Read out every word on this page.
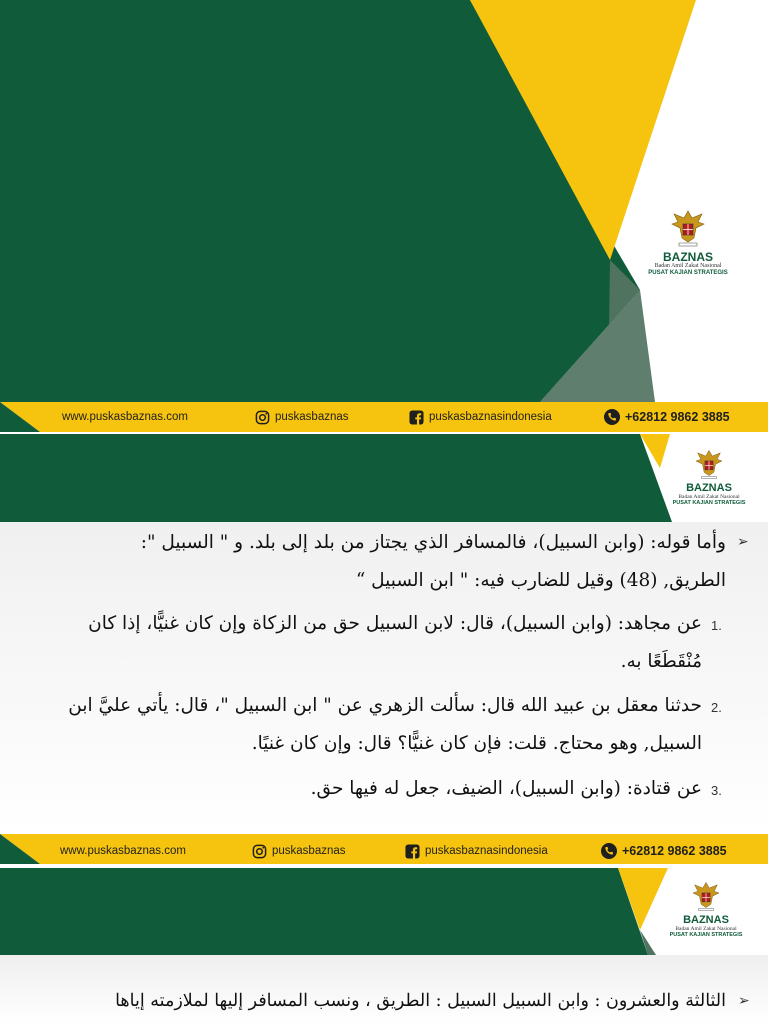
BAZNAS
Badan Amil Zakat Nasional
PUSAT KAJIAN STRATEGIS
www.puskasbaznas.com	puskasbaznas	puskasbaznasindonesia	+62812 9862 3885
BAZNAS
Badan Amil Zakat Nasional
PUSAT KAJIAN STRATEGIS
➢
وأما قوله: (وابن السبيل)، فالمسافر الذي يجتاز من بلد إلى بلد. و " السبيل ":
الطريق, (48) وقيل للضارب فيه: " ابن السبيل “
1.
عن مجاهد: (وابن السبيل)، قال: لابن السبيل حق من الزكاة وإن كان غنيًّا، إذا كان
مُنْقَطَعًا به.
2.
حدثنا معقل بن عبيد الله قال: سألت الزهري عن " ابن السبيل "، قال: يأتي عليَّ ابن
السبيل, وهو محتاج. قلت: فإن كان غنيًّا؟ قال: وإن كان غنيًا.
3.
عن قتادة: (وابن السبيل)، الضيف، جعل له فيها حق.
www.puskasbaznas.com	puskasbaznas	puskasbaznasindonesia	+62812 9862 3885
BAZNAS
Badan Amil Zakat Nasional
PUSAT KAJIAN STRATEGIS
➢
الثالثة والعشرون : وابن السبيل السبيل : الطريق ، ونسب المسافر إليها لملازمته إياها
